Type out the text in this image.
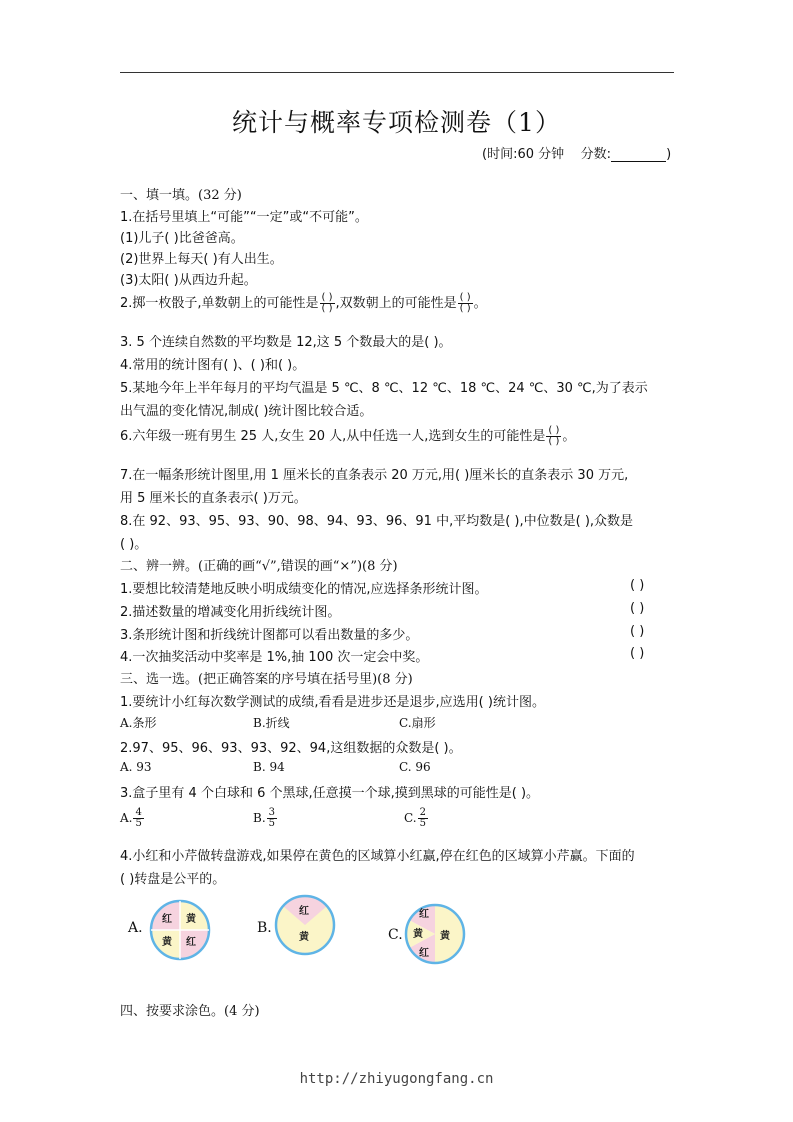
统计与概率专项检测卷（1）
(时间:60 分钟 分数:	)
一、填一填。(32 分)
1.在括号里填上“可能”“一定”或“不可能”。
(1)儿子( )比爸爸高。
(2)世界上每天( )有人出生。
(3)太阳( )从西边升起。
2.掷一枚骰子,单数朝上的可能性是 $\frac{( )}{( )}$ ,双数朝上的可能性是 $\frac{( )}{( )}$ 。
3. 5 个连续自然数的平均数是 12,这 5 个数最大的是( )。
4.常用的统计图有( )、( )和( )。
5.某地今年上半年每月的平均气温是 5 ℃、8 ℃、12 ℃、18 ℃、24 ℃、30 ℃,为了表示
出气温的变化情况,制成( )统计图比较合适。
6.六年级一班有男生 25 人,女生 20 人,从中任选一人,选到女生的可能性是 $\frac{( )}{( )}$ 。
7.在一幅条形统计图里,用 1 厘米长的直条表示 20 万元,用( )厘米长的直条表示 30 万元,
用 5 厘米长的直条表示( )万元。
8.在 92、93、95、93、90、98、94、93、96、91 中,平均数是( ),中位数是( ),众数是
( )。
二、辨一辨。(正确的画“√”,错误的画“×”)(8 分)
1.要想比较清楚地反映小明成绩变化的情况,应选择条形统计图。	( )
2.描述数量的增减变化用折线统计图。	( )
3.条形统计图和折线统计图都可以看出数量的多少。	( )
4.一次抽奖活动中奖率是 1%,抽 100 次一定会中奖。	( )
三、选一选。(把正确答案的序号填在括号里)(8 分)
1.要统计小红每次数学测试的成绩,看看是进步还是退步,应选用( )统计图。
A.条形	B.折线	C.扇形
2.97、95、96、93、93、92、94,这组数据的众数是( )。
A. 93	B. 94	C. 96
3.盒子里有 4 个白球和 6 个黑球,任意摸一个球,摸到黑球的可能性是( )。
A. $\frac{4}{5}$	B. $\frac{3}{5}$	C. $\frac{2}{5}$
4.小红和小芹做转盘游戏,如果停在黄色的区域算小红赢,停在红色的区域算小芹赢。下面的
( )转盘是公平的。
A.
红 黄
黄 红
B.
红
黄	C.
红
黄
黄
红
四、按要求涂色。(4 分)
http://zhiyugongfang.cn
